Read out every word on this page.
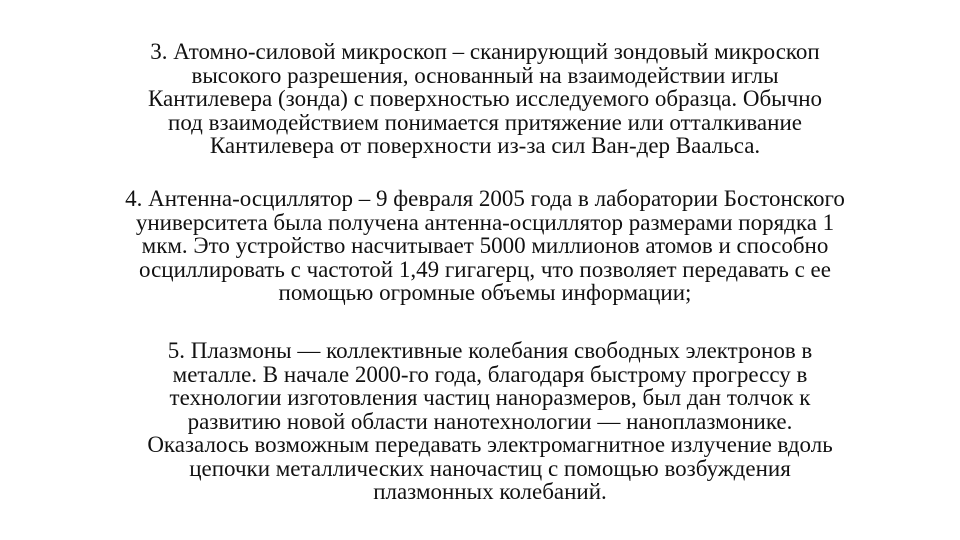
3. Атомно-силовой микроскоп – сканирующий зондовый микроскоп
высокого разрешения, основанный на взаимодействии иглы
Кантилевера (зонда) с поверхностью исследуемого образца. Обычно
под взаимодействием понимается притяжение или отталкивание
Кантилевера от поверхности из-за сил Ван-дер Ваальса.
4. Антенна-осциллятор – 9 февраля 2005 года в лаборатории Бостонского
университета была получена антенна-осциллятор размерами порядка 1
мкм. Это устройство насчитывает 5000 миллионов атомов и способно
осциллировать с частотой 1,49 гигагерц, что позволяет передавать с ее
помощью огромные объемы информации;
5. Плазмоны — коллективные колебания свободных электронов в
металле. В начале 2000-го года, благодаря быстрому прогрессу в
технологии изготовления частиц наноразмеров, был дан толчок к
развитию новой области нанотехнологии — наноплазмонике.
Оказалось возможным передавать электромагнитное излучение вдоль
цепочки металлических наночастиц с помощью возбуждения
плазмонных колебаний.
